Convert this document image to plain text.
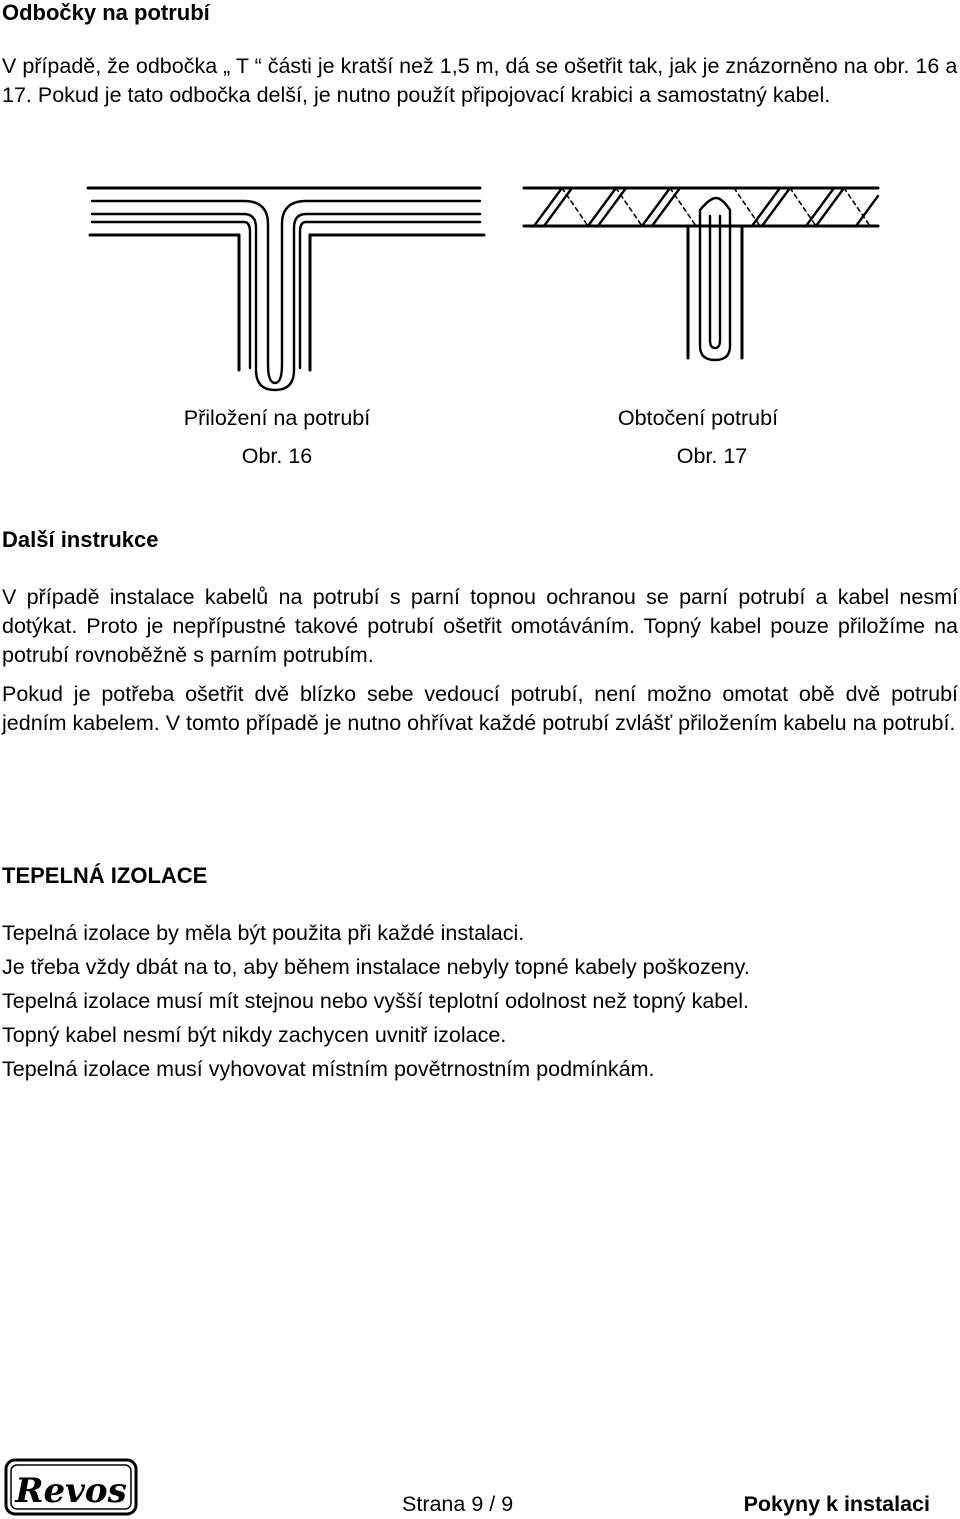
Odbočky na potrubí

V případě, že odbočka „ T “ části je kratší než 1,5 m, dá se ošetřit tak, jak je znázorněno na obr. 16 a 17. Pokud je tato odbočka delší, je nutno použít připojovací krabici a samostatný kabel.

Přiložení na potrubí
Obr. 16
Obtočení potrubí
Obr. 17
Další instrukce

V případě instalace kabelů na potrubí s parní topnou ochranou se parní potrubí a kabel nesmí dotýkat. Proto je nepřípustné takové potrubí ošetřit omotáváním. Topný kabel pouze přiložíme na potrubí rovnoběžně s parním potrubím.

Pokud je potřeba ošetřit dvě blízko sebe vedoucí potrubí, není možno omotat obě dvě potrubí jedním kabelem. V tomto případě je nutno ohřívat každé potrubí zvlášť přiložením kabelu na potrubí.

TEPELNÁ IZOLACE

Tepelná izolace by měla být použita při každé instalaci.

Je třeba vždy dbát na to, aby během instalace nebyly topné kabely poškozeny.

Tepelná izolace musí mít stejnou nebo vyšší teplotní odolnost než topný kabel.

Topný kabel nesmí být nikdy zachycen uvnitř izolace.

Tepelná izolace musí vyhovovat místním povětrnostním podmínkám.

Revos	Strana 9 / 9	Pokyny k instalaci
